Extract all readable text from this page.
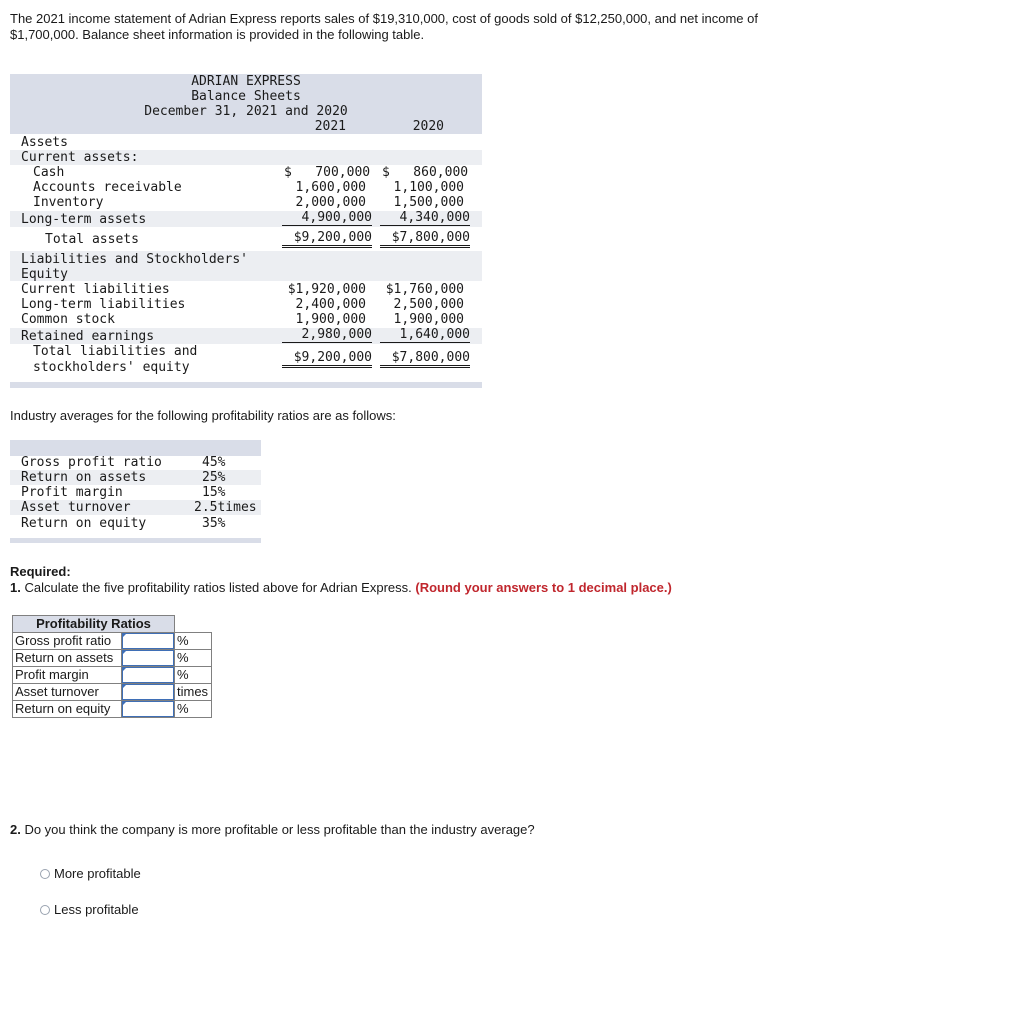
The 2021 income statement of Adrian Express reports sales of $19,310,000, cost of goods sold of $12,250,000, and net income of $1,700,000. Balance sheet information is provided in the following table.
ADRIAN EXPRESS
Balance Sheets
December 31, 2021 and 2020
2021	2020
Assets
Current assets:
Cash	$   700,000 $   860,000
Accounts receivable	1,600,000	1,100,000
Inventory	2,000,000	1,500,000
Long-term assets	4,900,000	4,340,000
Total assets	$9,200,000	$7,800,000
Liabilities and Stockholders'
Equity
Current liabilities	$1,920,000	$1,760,000
Long-term liabilities	2,400,000	2,500,000
Common stock	1,900,000	1,900,000
Retained earnings	2,980,000	1,640,000
Total liabilities and
stockholders' equity
$9,200,000	$7,800,000
Industry averages for the following profitability ratios are as follows:
Gross profit ratio	45%
Return on assets	25%
Profit margin	15%
Asset turnover	2.5times
Return on equity	35%
Required:
1. Calculate the five profitability ratios listed above for Adrian Express. (Round your answers to 1 decimal place.)
Profitability Ratios		
Gross profit ratio		%
Return on assets		%
Profit margin		%
Asset turnover		times
Return on equity		%
2. Do you think the company is more profitable or less profitable than the industry average?
More profitable
Less profitable
